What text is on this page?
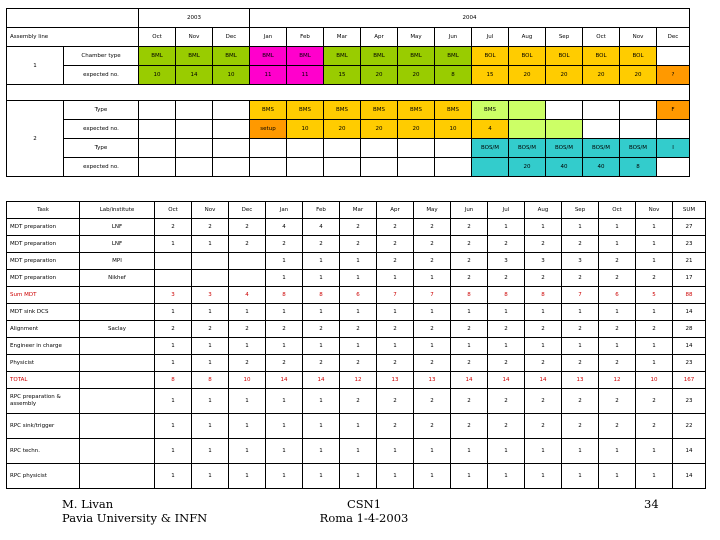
		2003			2004											
Assembly line		Oct	Nov	Dec	Jan	Feb	Mar	Apr	May	Jun	Jul	Aug	Sep	Oct	Nov	Dec
1	Chamber type	BML	BML	BML	BML	BML	BML	BML	BML	BML	BOL	BOL	BOL	BOL	BOL	
	expected no.	10	14	10	11	11	15	20	20	8	15	20	20	20	20	?

2	Type				BMS	BMS	BMS	BMS	BMS	BMS	BMS					F
	expected no.				setup	10	20	20	20	10	4					
	Type										BOS/M	BOS/M	BOS/M	BOS/M	BOS/M	I
	expected no.											20	40	40	8	
Task	Lab/institute	Oct	Nov	Dec	Jan	Feb	Mar	Apr	May	Jun	Jul	Aug	Sep	Oct	Nov	SUM
MDT preparation	LNF	2	2	2	4	4	2	2	2	2	1	1	1	1	1	27
MDT preparation	LNF	1	1	2	2	2	2	2	2	2	2	2	2	1	1	23
MDT preparation	MPI				1	1	1	2	2	2	3	3	3	2	1	21
MDT preparation	Nikhef				1	1	1	1	1	2	2	2	2	2	2	17
Sum MDT		3	3	4	8	8	6	7	7	8	8	8	7	6	5	88
MDT sink DCS		1	1	1	1	1	1	1	1	1	1	1	1	1	1	14
Alignment	Saclay	2	2	2	2	2	2	2	2	2	2	2	2	2	2	28
Engineer in charge		1	1	1	1	1	1	1	1	1	1	1	1	1	1	14
Physicist		1	1	2	2	2	2	2	2	2	2	2	2	2	1	23
TOTAL		8	8	10	14	14	12	13	13	14	14	14	13	12	10	167
RPC preparation & assembly		1	1	1	1	1	2	2	2	2	2	2	2	2	2	23
RPC sink/trigger		1	1	1	1	1	1	2	2	2	2	2	2	2	2	22
RPC techn.		1	1	1	1	1	1	1	1	1	1	1	1	1	1	14
RPC physicist		1	1	1	1	1	1	1	1	1	1	1	1	1	1	14
M. Livan
Pavia University & INFN
CSN1
Roma 1-4-2003
34
